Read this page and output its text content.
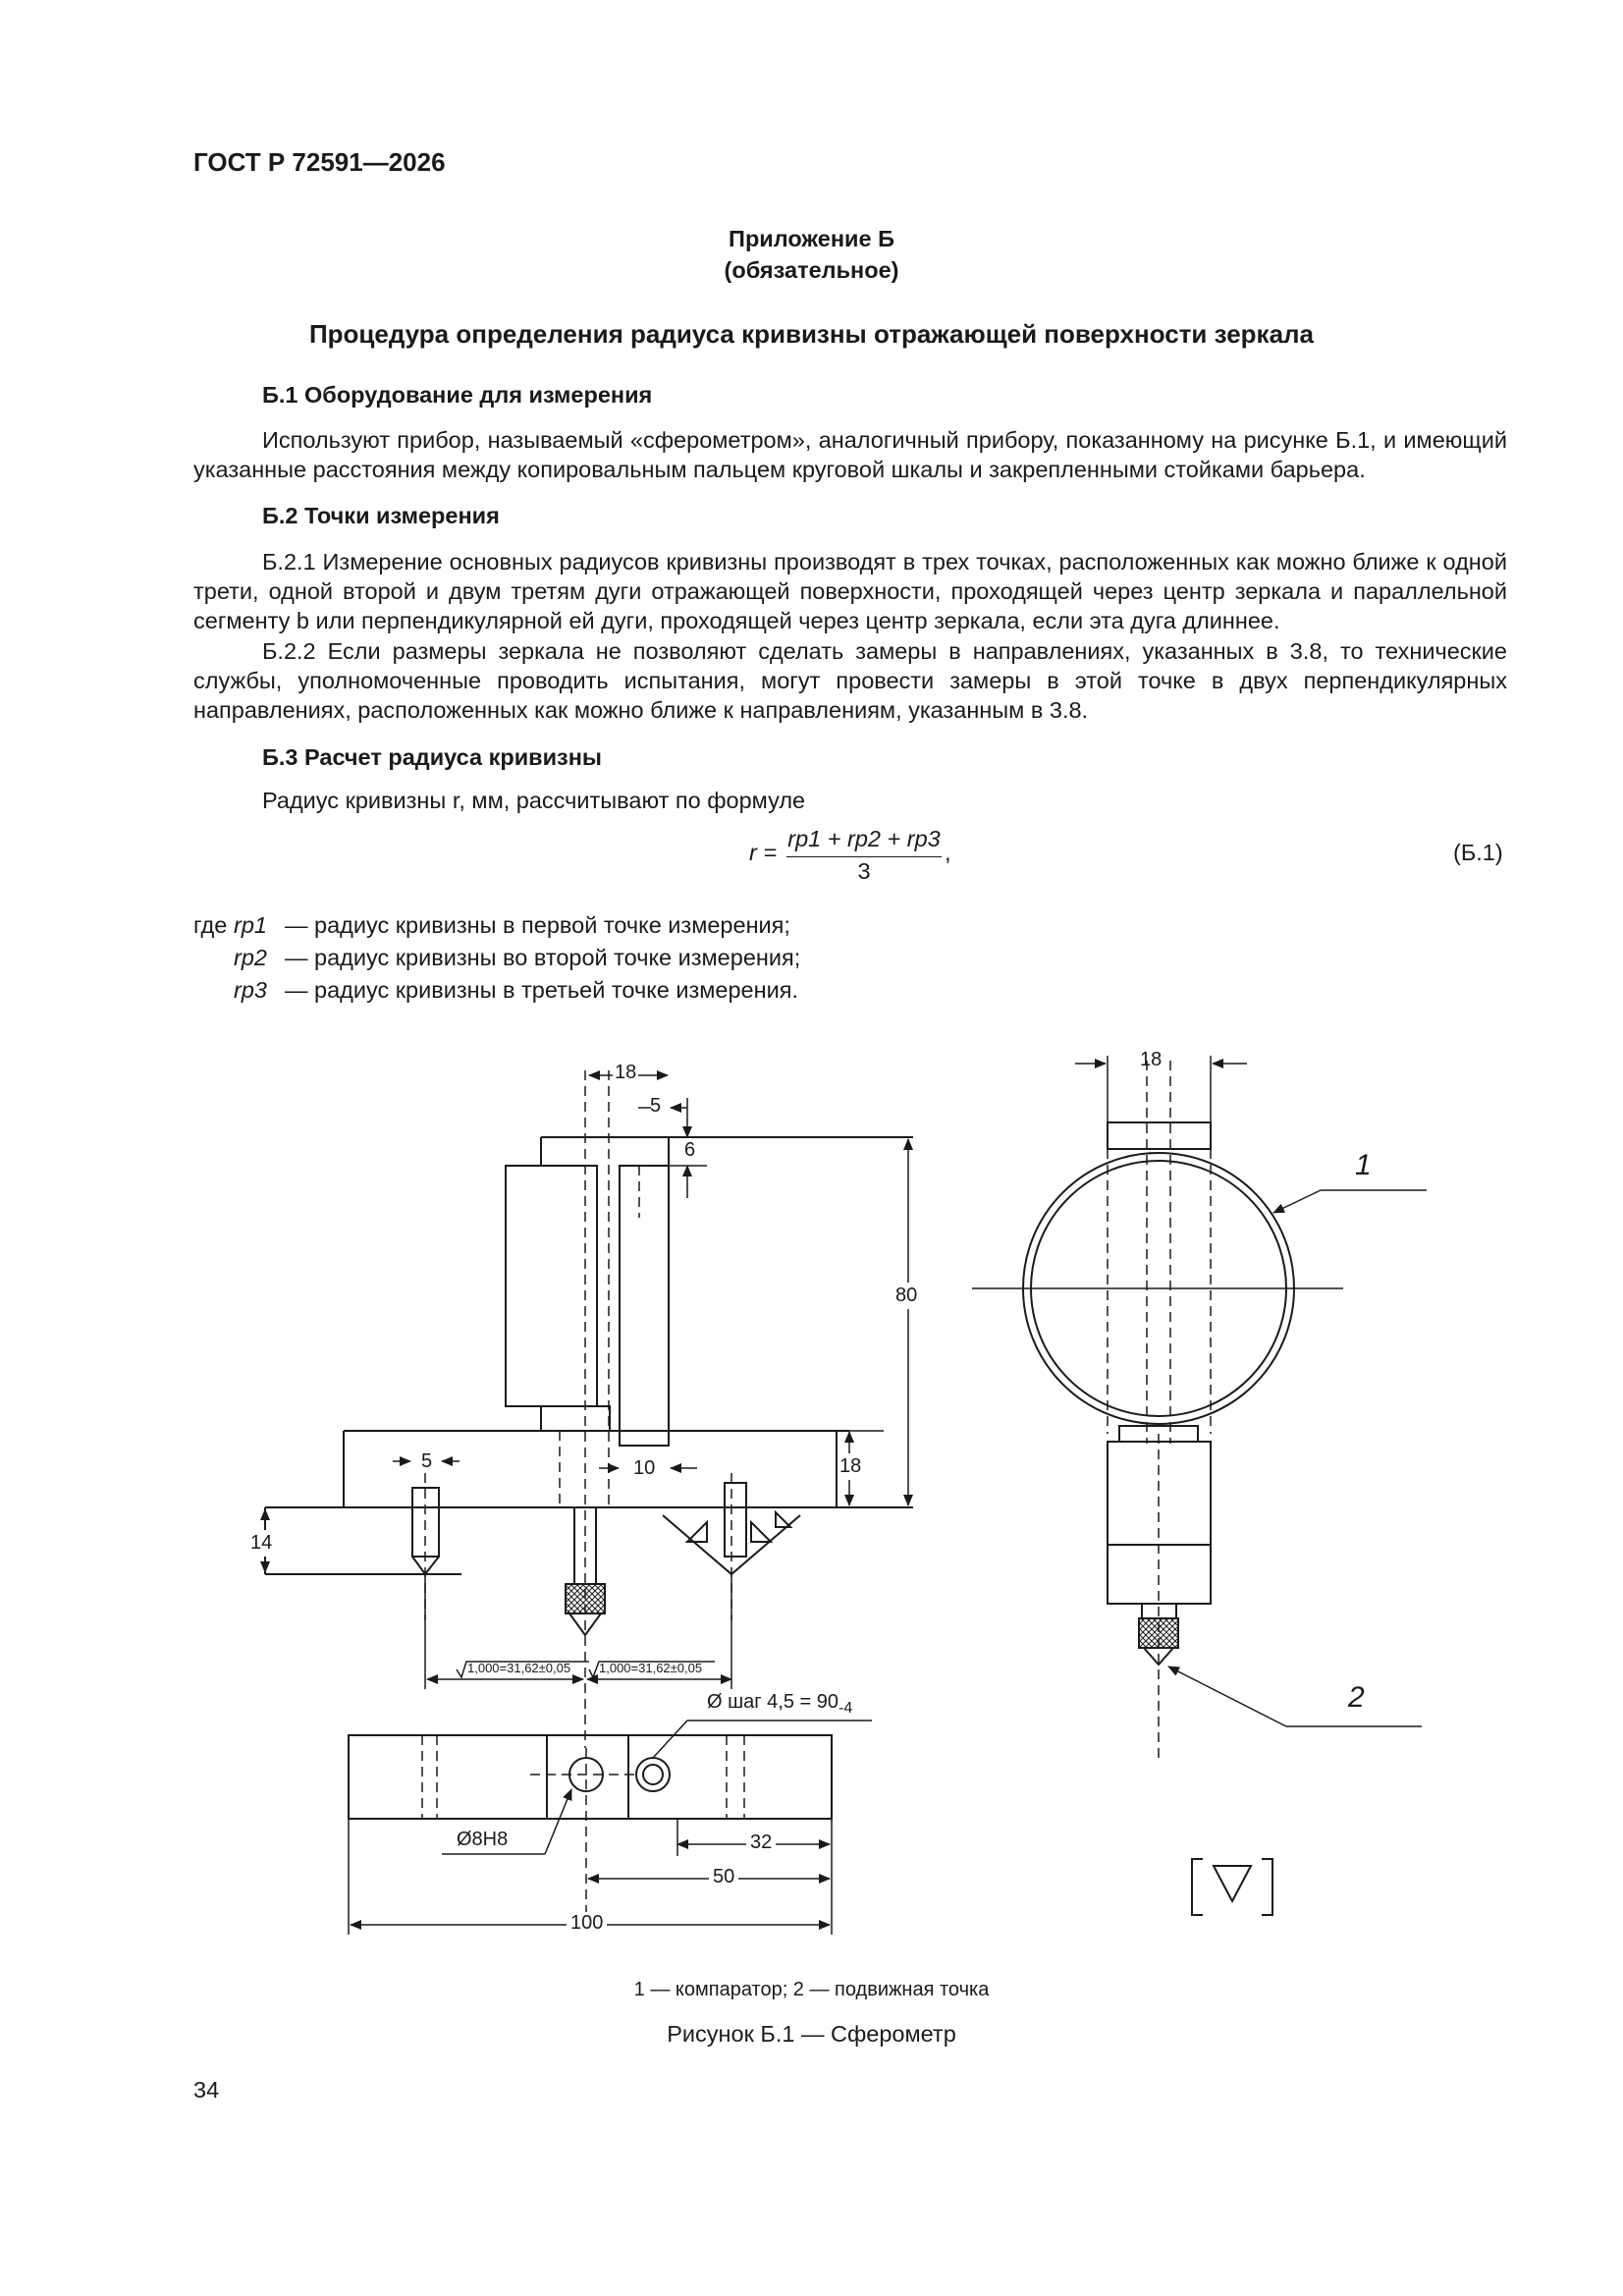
ГОСТ Р 72591—2026
Приложение Б
(обязательное)
Процедура определения радиуса кривизны отражающей поверхности зеркала
Б.1 Оборудование для измерения
Используют прибор, называемый «сферометром», аналогичный прибору, показанному на рисунке Б.1, и имеющий указанные расстояния между копировальным пальцем круговой шкалы и закрепленными стойками барьера.
Б.2 Точки измерения
Б.2.1 Измерение основных радиусов кривизны производят в трех точках, расположенных как можно ближе к одной трети, одной второй и двум третям дуги отражающей поверхности, проходящей через центр зеркала и параллельной сегменту b или перпендикулярной ей дуги, проходящей через центр зеркала, если эта дуга длиннее.
Б.2.2 Если размеры зеркала не позволяют сделать замеры в направлениях, указанных в 3.8, то технические службы, уполномоченные проводить испытания, могут провести замеры в этой точке в двух перпендикулярных направлениях, расположенных как можно ближе к направлениям, указанным в 3.8.
Б.3 Расчет радиуса кривизны
Радиус кривизны r, мм, рассчитывают по формуле
r =
rp1 + rp2 + rp3
3
,	(Б.1)
где rp1 — радиус кривизны в первой точке измерения;
rp2 — радиус кривизны во второй точке измерения;
rp3 — радиус кривизны в третьей точке измерения.
18
5
6
80
18
5	10
14
1,000=31,62±0,05 1,000=31,62±0,05
Ø шаг $4,5 = 90_{-4}$
Ø8H8	32
50
100
18
1
2
1 — компаратор; 2 — подвижная точка
Рисунок Б.1 — Сферометр
34
